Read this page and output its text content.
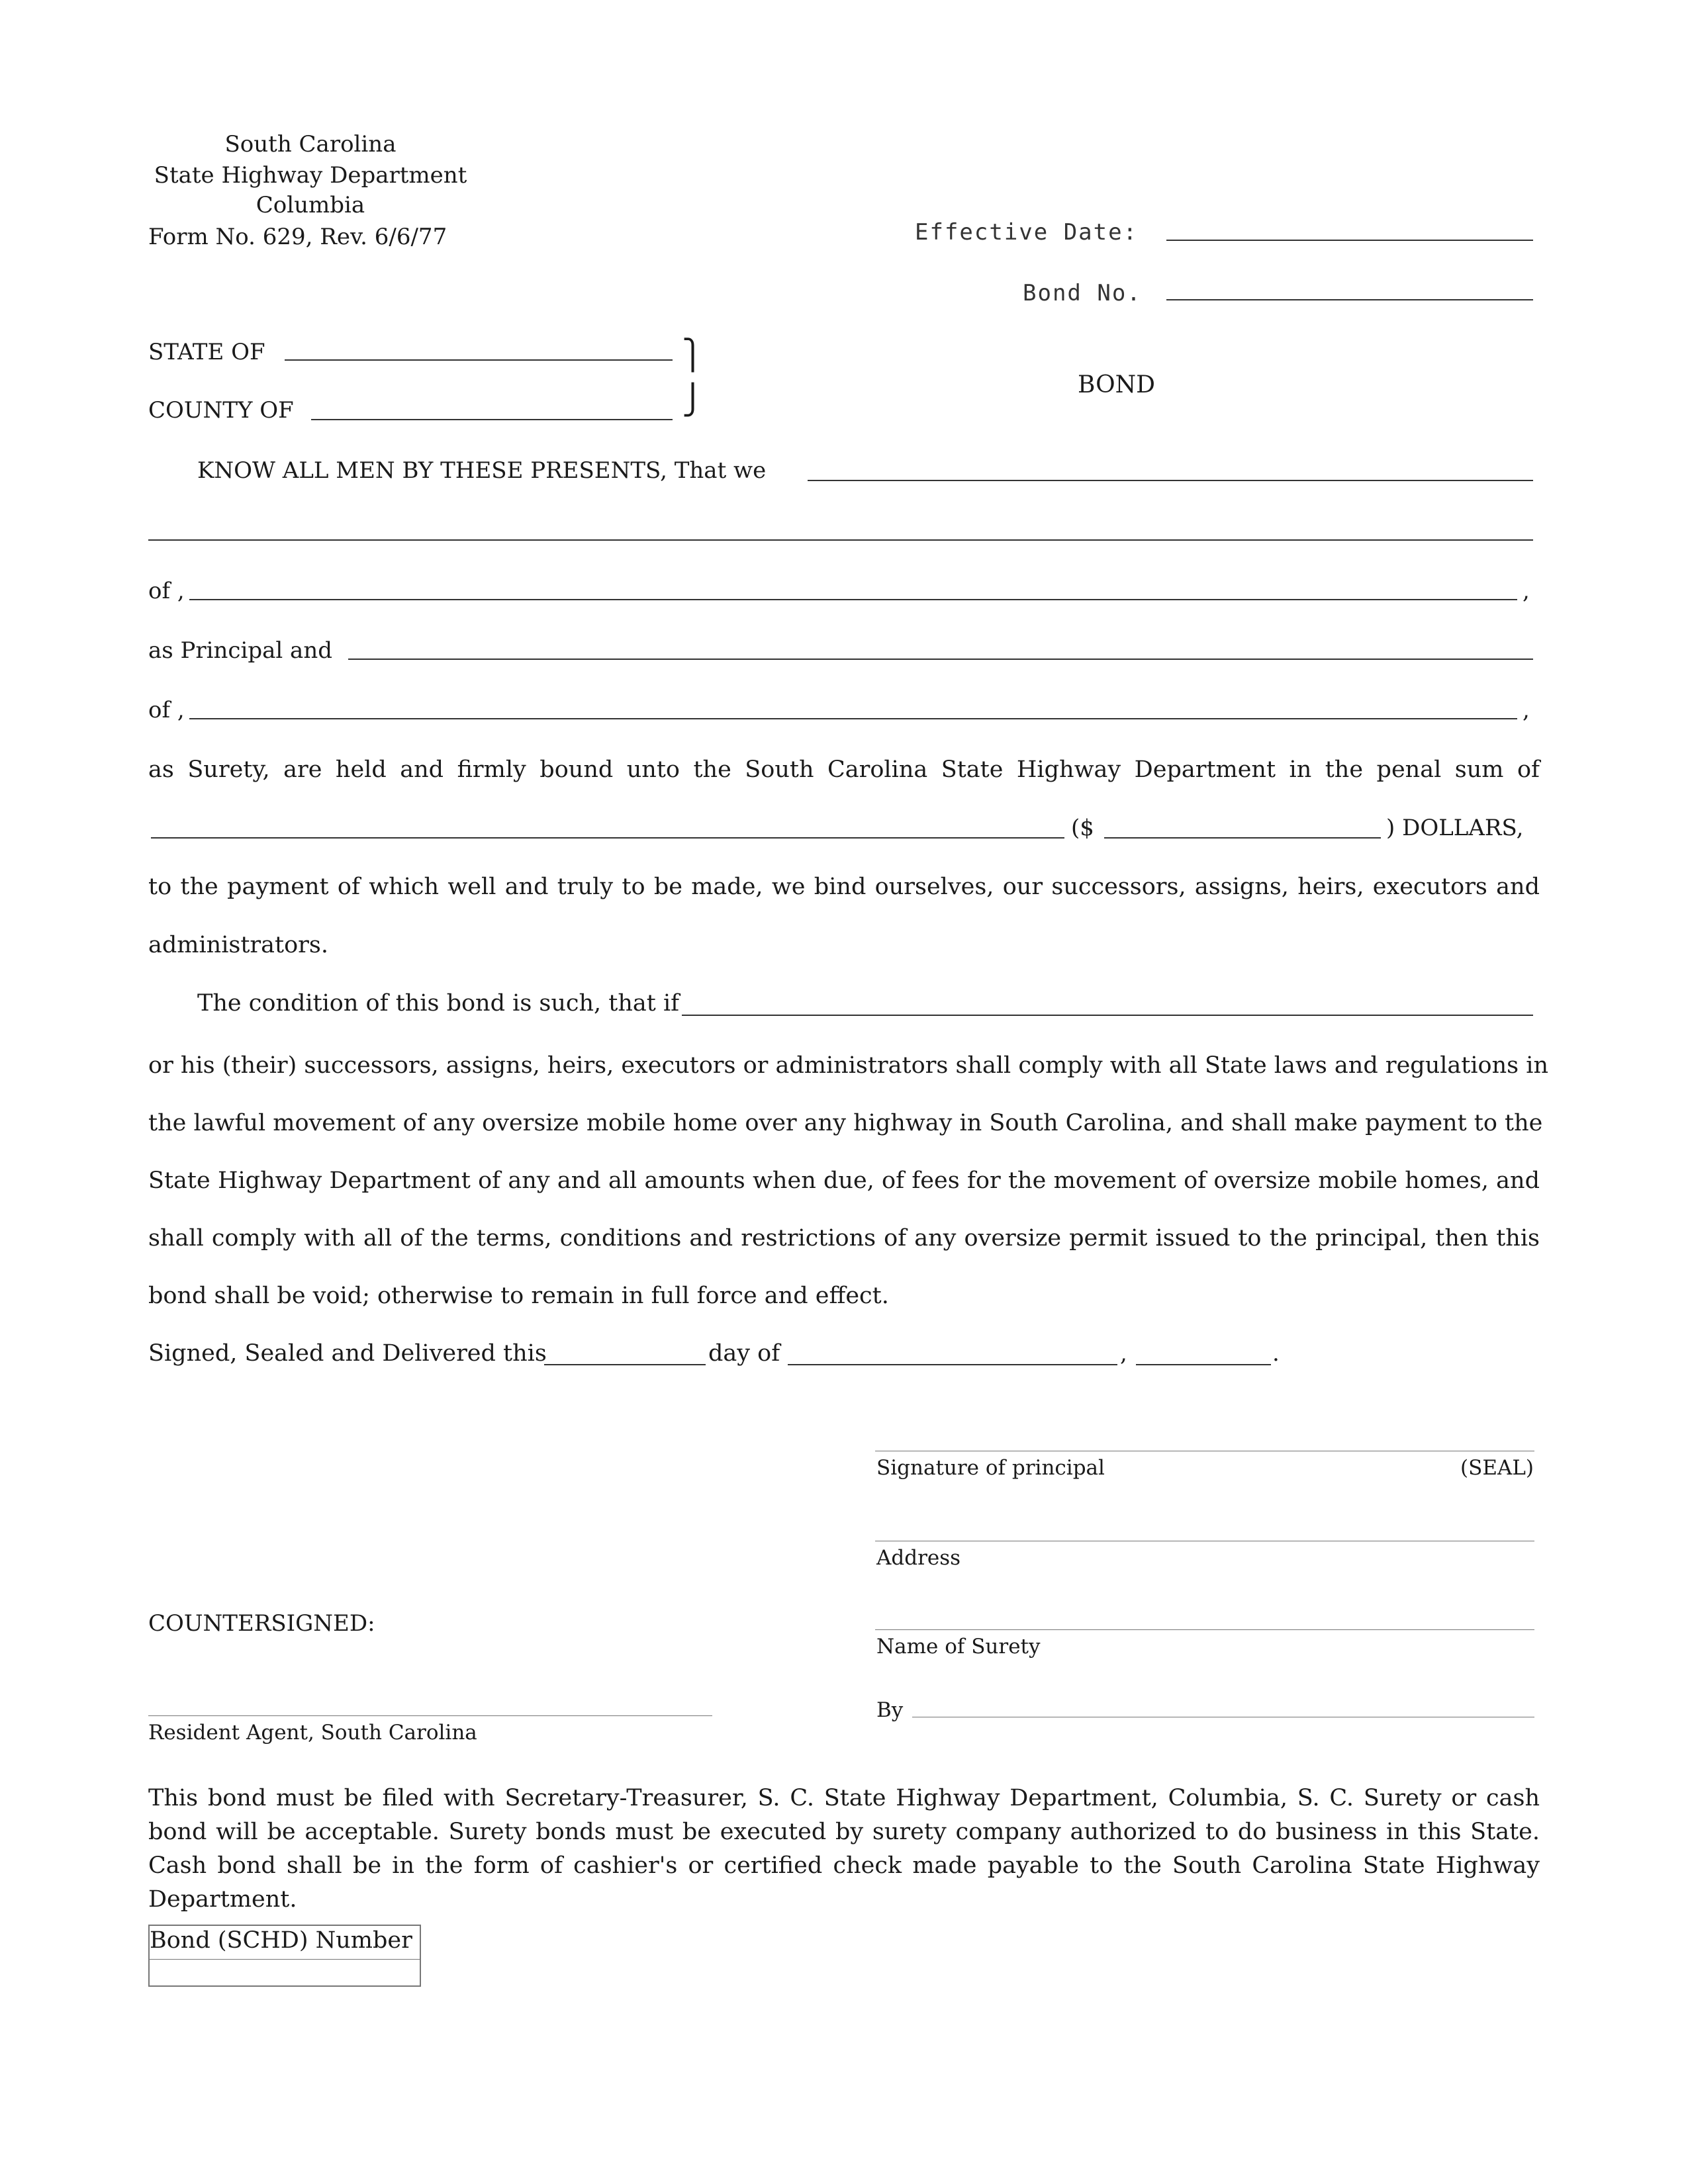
South Carolina
State Highway Department
Columbia
Form No. 629, Rev. 6/6/77	Effective Date:
Bond No.
STATE OF
COUNTY OF
⎫
⎭	BOND
KNOW ALL MEN BY THESE PRESENTS, That we
of ,	,
as Principal and
of ,	,
as Surety, are held and firmly bound unto the South Carolina State Highway Department in the penal sum of
($	) DOLLARS,
to the payment of which well and truly to be made, we bind ourselves, our successors, assigns, heirs, executors and
administrators.
The condition of this bond is such, that if
or his (their) successors, assigns, heirs, executors or administrators shall comply with all State laws and regulations in
the lawful movement of any oversize mobile home over any highway in South Carolina, and shall make payment to the
State Highway Department of any and all amounts when due, of fees for the movement of oversize mobile homes, and
shall comply with all of the terms, conditions and restrictions of any oversize permit issued to the principal, then this
bond shall be void; otherwise to remain in full force and effect.
Signed, Sealed and Delivered this	day of	,	.
Signature of principal	(SEAL)
Address
COUNTERSIGNED:
Name of Surety
By
Resident Agent, South Carolina
This bond must be filed with Secretary-Treasurer, S. C. State Highway Department, Columbia, S. C. Surety or cash bond will be acceptable. Surety bonds must be executed by surety company authorized to do business in this State. Cash bond shall be in the form of cashier's or certified check made payable to the South Carolina State Highway Department.
Bond (SCHD) Number
